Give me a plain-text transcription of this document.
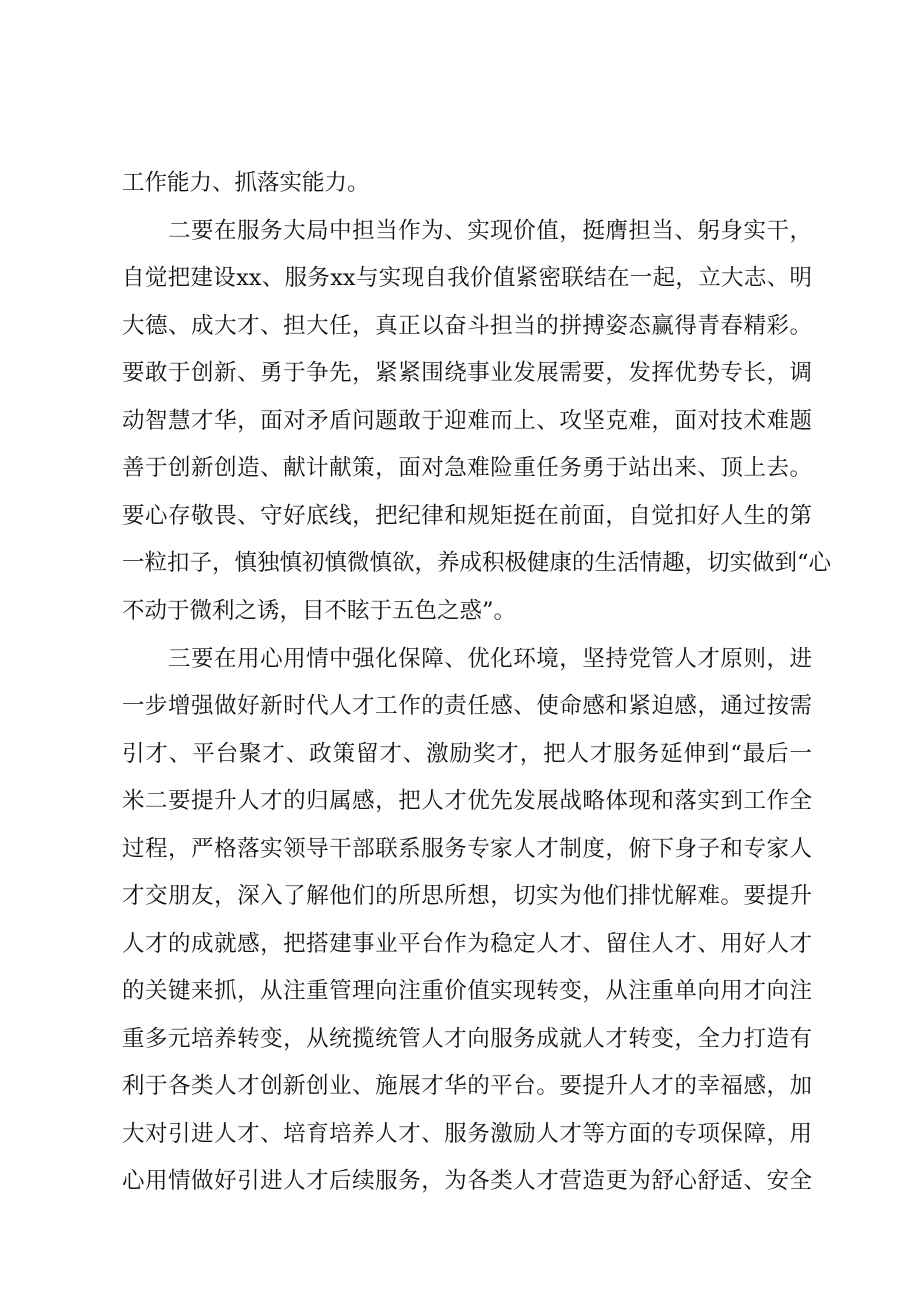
工作能力、抓落实能力。
二要在服务大局中担当作为、实现价值，挺膺担当、躬身实干，
自觉把建设xx、服务xx与实现自我价值紧密联结在一起，立大志、明
大德、成大才、担大任，真正以奋斗担当的拼搏姿态赢得青春精彩。
要敢于创新、勇于争先，紧紧围绕事业发展需要，发挥优势专长，调
动智慧才华，面对矛盾问题敢于迎难而上、攻坚克难，面对技术难题
善于创新创造、献计献策，面对急难险重任务勇于站出来、顶上去。
要心存敬畏、守好底线，把纪律和规矩挺在前面，自觉扣好人生的第
一粒扣子，慎独慎初慎微慎欲，养成积极健康的生活情趣，切实做到“心
不动于微利之诱，目不眩于五色之惑”。
三要在用心用情中强化保障、优化环境，坚持党管人才原则，进
一步增强做好新时代人才工作的责任感、使命感和紧迫感，通过按需
引才、平台聚才、政策留才、激励奖才，把人才服务延伸到“最后一
米二要提升人才的归属感，把人才优先发展战略体现和落实到工作全
过程，严格落实领导干部联系服务专家人才制度，俯下身子和专家人
才交朋友，深入了解他们的所思所想，切实为他们排忧解难。要提升
人才的成就感，把搭建事业平台作为稳定人才、留住人才、用好人才
的关键来抓，从注重管理向注重价值实现转变，从注重单向用才向注
重多元培养转变，从统揽统管人才向服务成就人才转变，全力打造有
利于各类人才创新创业、施展才华的平台。要提升人才的幸福感，加
大对引进人才、培育培养人才、服务激励人才等方面的专项保障，用
心用情做好引进人才后续服务，为各类人才营造更为舒心舒适、安全
